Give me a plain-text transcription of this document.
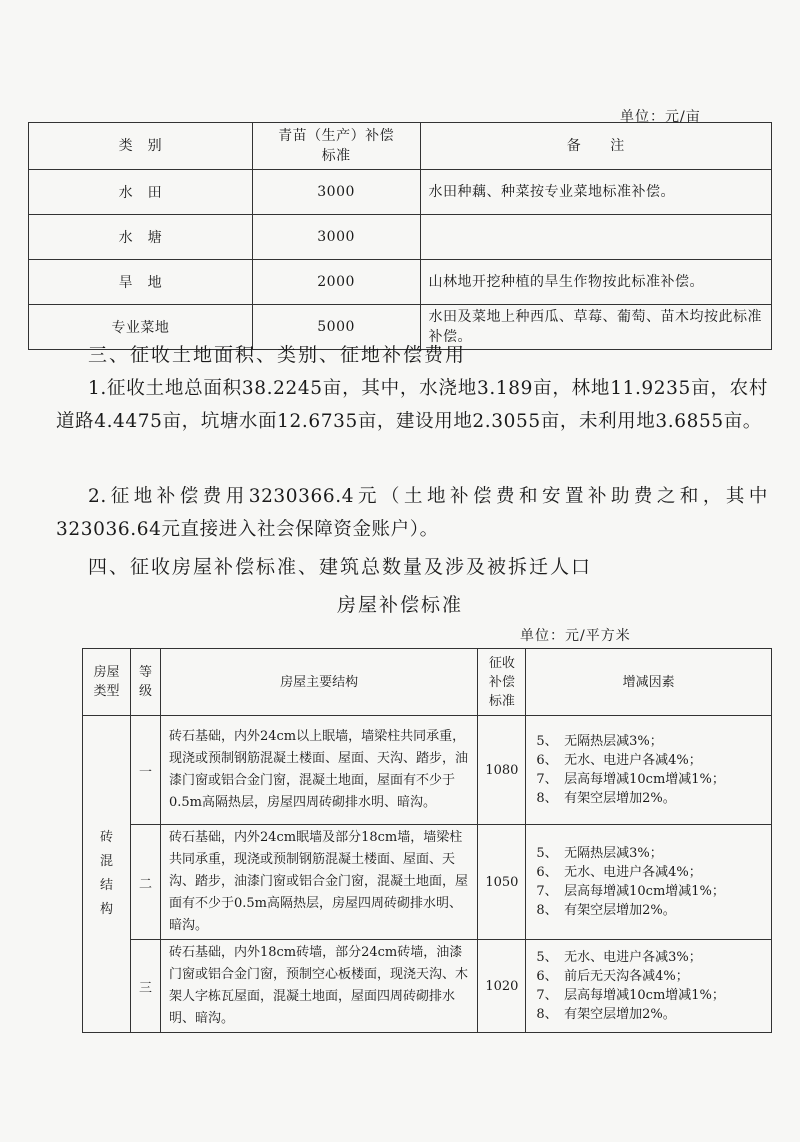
单位：元/亩
类　别	青苗（生产）补偿标准	备　　注
水　田	3000	水田种藕、种菜按专业菜地标准补偿。
水　塘	3000	
旱　地	2000	山林地开挖种植的旱生作物按此标准补偿。
专业菜地	5000	水田及菜地上种西瓜、草莓、葡萄、苗木均按此标准补偿。
三、征收土地面积、类别、征地补偿费用
1.征收土地总面积38.2245亩，其中，水浇地3.189亩，林地11.9235亩，农村道路4.4475亩，坑塘水面12.6735亩，建设用地2.3055亩，未利用地3.6855亩。
2.征地补偿费用3230366.4元（土地补偿费和安置补助费之和，其中323036.64元直接进入社会保障资金账户）。
四、征收房屋补偿标准、建筑总数量及涉及被拆迁人口
房屋补偿标准
单位：元/平方米
房屋类型	等级	房屋主要结构	征收补偿标准	增减因素
砖混结构	一	砖石基础，内外24cm以上眠墙，墙梁柱共同承重，现浇或预制钢筋混凝土楼面、屋面、天沟、踏步，油漆门窗或铝合金门窗，混凝土地面，屋面有不少于0.5m高隔热层，房屋四周砖砌排水明、暗沟。	1080	5、　无隔热层减3%；
6、　无水、电进户各减4%；
7、　层高每增减10cm增减1%；
8、　有架空层增加2%。

	二	砖石基础，内外24cm眠墙及部分18cm墙，墙梁柱共同承重，现浇或预制钢筋混凝土楼面、屋面、天沟、踏步，油漆门窗或铝合金门窗，混凝土地面，屋面有不少于0.5m高隔热层，房屋四周砖砌排水明、暗沟。	1050	5、　无隔热层减3%；
6、　无水、电进户各减4%；
7、　层高每增减10cm增减1%；
8、　有架空层增加2%。

	三	砖石基础，内外18cm砖墙，部分24cm砖墙，油漆门窗或铝合金门窗，预制空心板楼面，现浇天沟、木架人字栋瓦屋面，混凝土地面，屋面四周砖砌排水明、暗沟。	1020	5、　无水、电进户各减3%；
6、　前后无天沟各减4%；
7、　层高每增减10cm增减1%；
8、　有架空层增加2%。
